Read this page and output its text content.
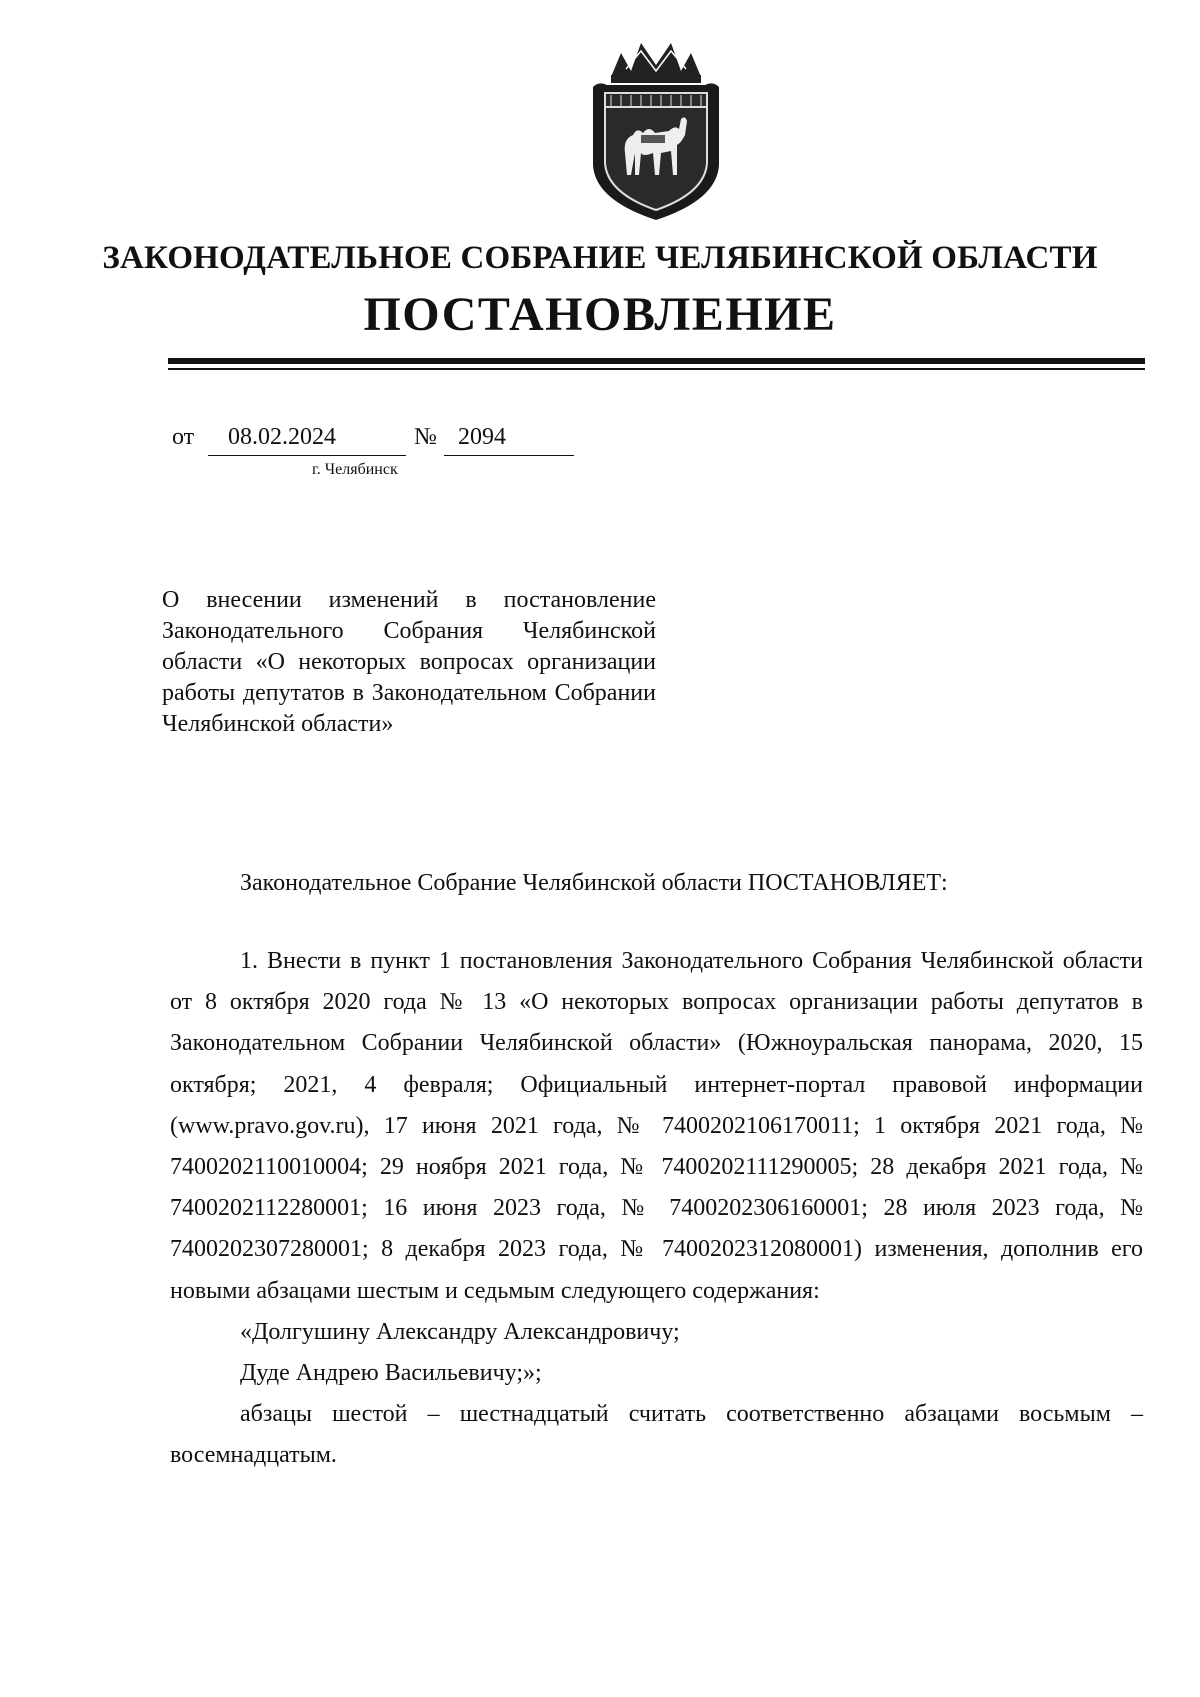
ЗАКОНОДАТЕЛЬНОЕ СОБРАНИЕ ЧЕЛЯБИНСКОЙ ОБЛАСТИ
ПОСТАНОВЛЕНИЕ
от	08.02.2024	№ 2094
г. Челябинск
О внесении изменений в постановление Законодательного Собрания Челябинской области «О некоторых вопросах организации работы депутатов в Законодательном Собрании Челябинской области»
Законодательное Собрание Челябинской области ПОСТАНОВЛЯЕТ:

1. Внести в пункт 1 постановления Законодательного Собрания Челябинской области от 8 октября 2020 года № 13 «О некоторых вопросах организации работы депутатов в Законодательном Собрании Челябинской области» (Южноуральская панорама, 2020, 15 октября; 2021, 4 февраля; Официальный интернет-портал правовой информации (www.pravo.gov.ru), 17 июня 2021 года, № 7400202106170011; 1 октября 2021 года, № 7400202110010004; 29 ноября 2021 года, № 7400202111290005; 28 декабря 2021 года, № 7400202112280001; 16 июня 2023 года, № 7400202306160001; 28 июля 2023 года, № 7400202307280001; 8 декабря 2023 года, № 7400202312080001) изменения, дополнив его новыми абзацами шестым и седьмым следующего содержания:

«Долгушину Александру Александровичу;

Дуде Андрею Васильевичу;»;

абзацы шестой – шестнадцатый считать соответственно абзацами восьмым – восемнадцатым.
